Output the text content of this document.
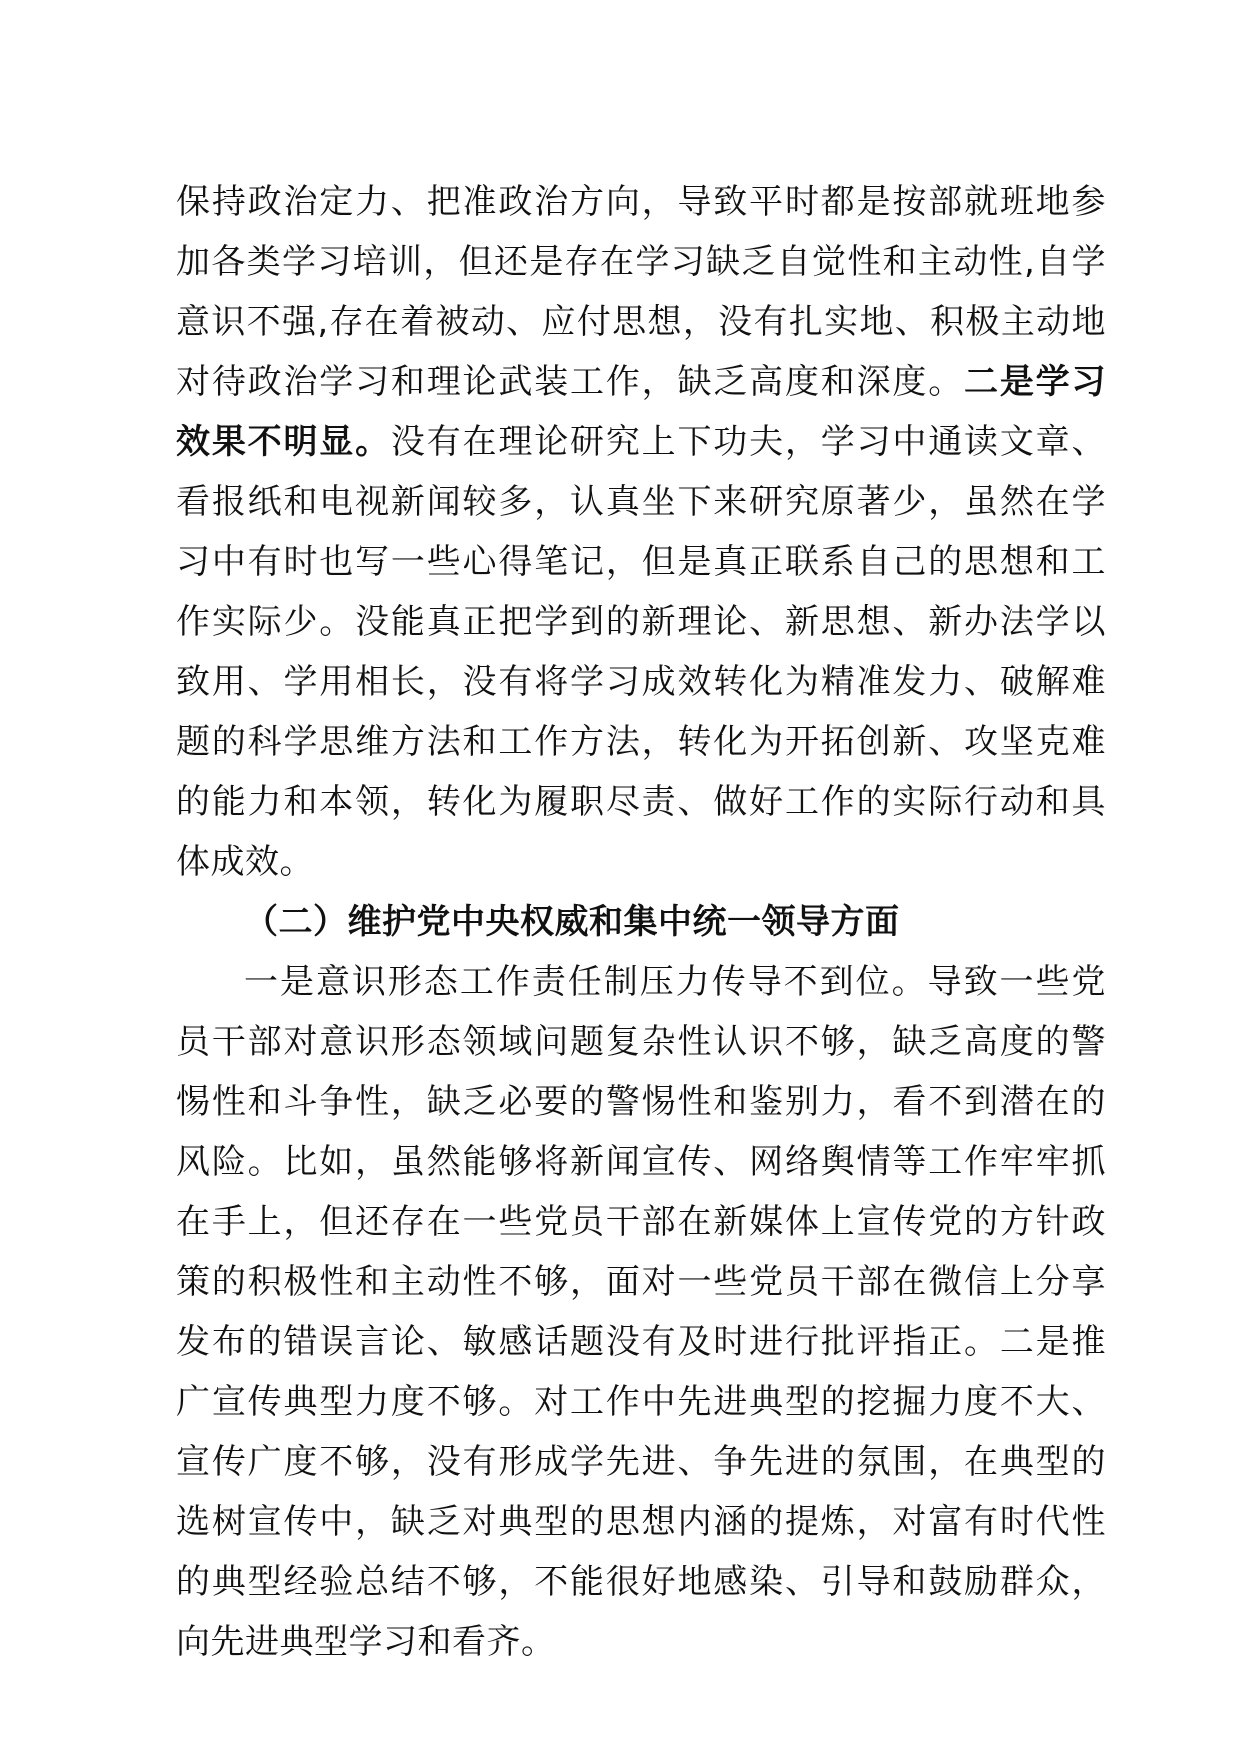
保持政治定力、把准政治方向，导致平时都是按部就班地参加各类学习培训，但还是存在学习缺乏自觉性和主动性,自学意识不强,存在着被动、应付思想，没有扎实地、积极主动地对待政治学习和理论武装工作，缺乏高度和深度。二是学习效果不明显。没有在理论研究上下功夫，学习中通读文章、看报纸和电视新闻较多，认真坐下来研究原著少，虽然在学习中有时也写一些心得笔记，但是真正联系自己的思想和工作实际少。没能真正把学到的新理论、新思想、新办法学以致用、学用相长，没有将学习成效转化为精准发力、破解难题的科学思维方法和工作方法，转化为开拓创新、攻坚克难的能力和本领，转化为履职尽责、做好工作的实际行动和具体成效。

（二）维护党中央权威和集中统一领导方面

一是意识形态工作责任制压力传导不到位。导致一些党员干部对意识形态领域问题复杂性认识不够，缺乏高度的警惕性和斗争性，缺乏必要的警惕性和鉴别力，看不到潜在的风险。比如，虽然能够将新闻宣传、网络舆情等工作牢牢抓在手上，但还存在一些党员干部在新媒体上宣传党的方针政策的积极性和主动性不够，面对一些党员干部在微信上分享发布的错误言论、敏感话题没有及时进行批评指正。二是推广宣传典型力度不够。对工作中先进典型的挖掘力度不大、宣传广度不够，没有形成学先进、争先进的氛围，在典型的选树宣传中，缺乏对典型的思想内涵的提炼，对富有时代性的典型经验总结不够，不能很好地感染、引导和鼓励群众，向先进典型学习和看齐。
